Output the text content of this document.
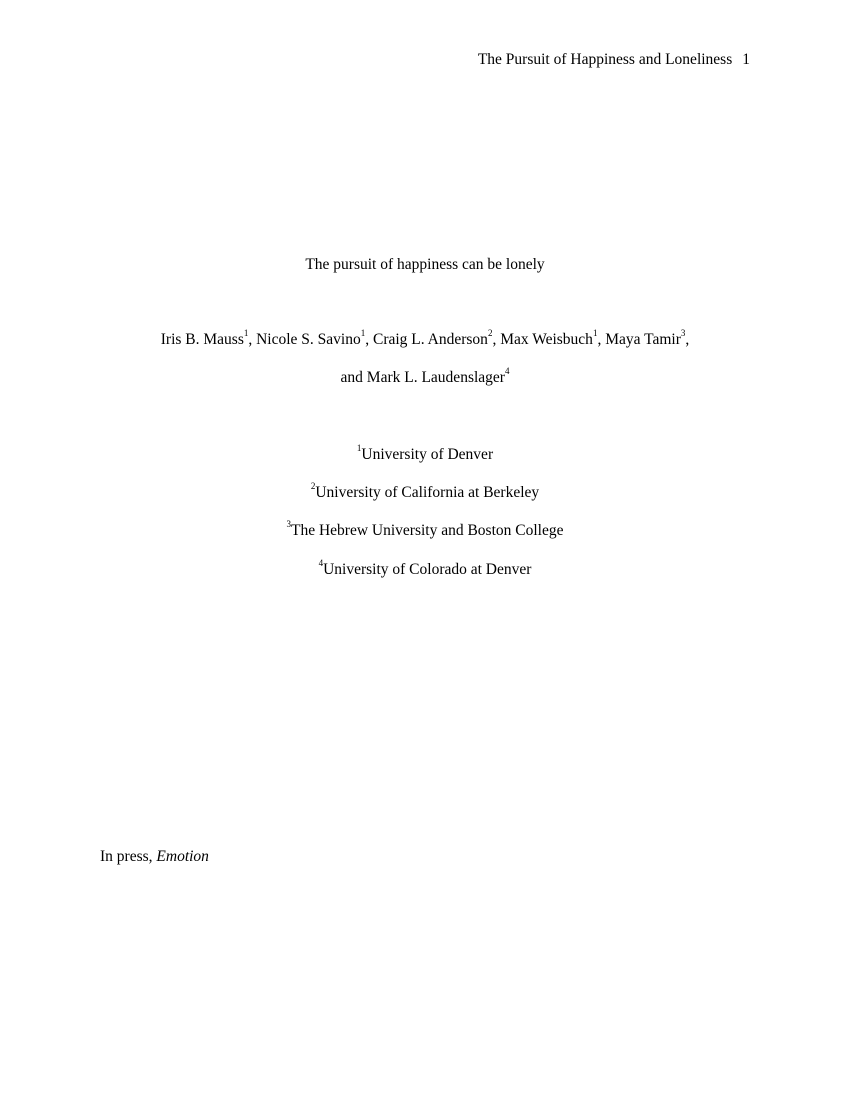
The Pursuit of Happiness and Loneliness 1
The pursuit of happiness can be lonely
Iris B. Mauss$^1$, Nicole S. Savino$^1$, Craig L. Anderson$^2$, Max Weisbuch$^1$, Maya Tamir$^3$,
and Mark L. Laudenslager$^4$
$^1$University of Denver
$^2$University of California at Berkeley
$^3$The Hebrew University and Boston College
$^4$University of Colorado at Denver
In press, Emotion
